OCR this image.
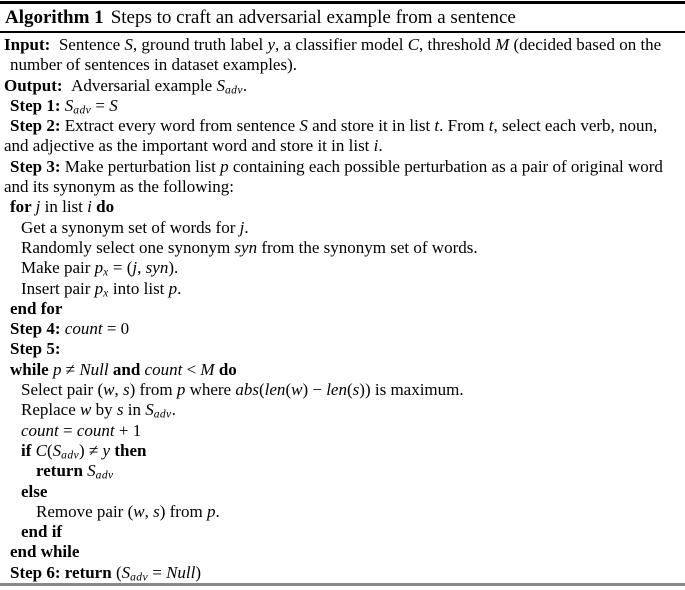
Algorithm 1 Steps to craft an adversarial example from a sentence
Input:  Sentence S, ground truth label y, a classifier model C, threshold M (decided based on the
number of sentences in dataset examples).
Output:  Adversarial example Sadv.
Step 1: Sadv = S
Step 2: Extract every word from sentence S and store it in list t. From t, select each verb, noun,
and adjective as the important word and store it in list i.
Step 3: Make perturbation list p containing each possible perturbation as a pair of original word
and its synonym as the following:
for j in list i do
Get a synonym set of words for j.
Randomly select one synonym syn from the synonym set of words.
Make pair px = (j, syn).
Insert pair px into list p.
end for
Step 4: count = 0
Step 5:
while p ≠ Null and count < M do
Select pair (w, s) from p where abs(len(w) − len(s)) is maximum.
Replace w by s in Sadv.
count = count + 1
if C(Sadv) ≠ y then
return Sadv
else
Remove pair (w, s) from p.
end if
end while
Step 6: return (Sadv = Null)
